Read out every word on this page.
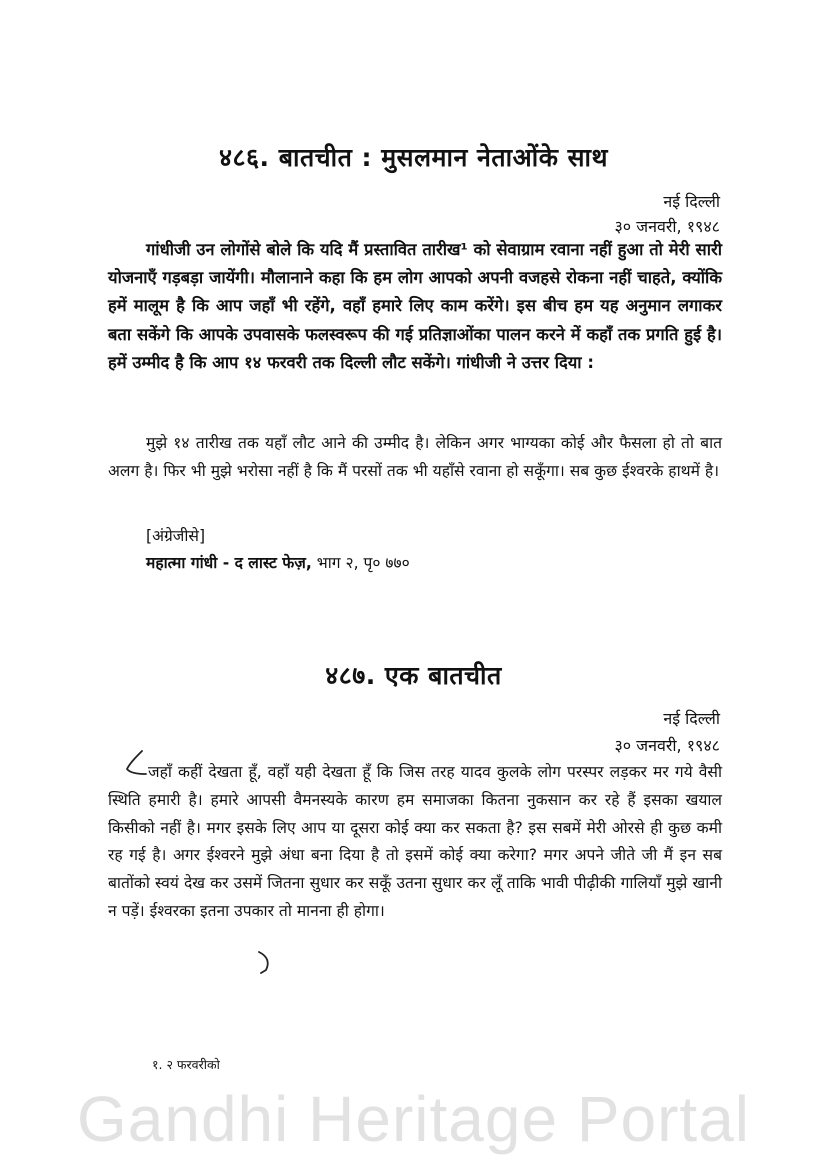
४८६. बातचीत : मुसलमान नेताओंके साथ
नई दिल्ली
३० जनवरी, १९४८

गांधीजी उन लोगोंसे बोले कि यदि मैं प्रस्तावित तारीख¹ को सेवाग्राम रवाना नहीं हुआ तो मेरी सारी योजनाएँ गड़बड़ा जायेंगी। मौलानाने कहा कि हम लोग आपको अपनी वजहसे रोकना नहीं चाहते, क्योंकि हमें मालूम है कि आप जहाँ भी रहेंगे, वहाँ हमारे लिए काम करेंगे। इस बीच हम यह अनुमान लगाकर बता सकेंगे कि आपके उपवासके फलस्वरूप की गई प्रतिज्ञाओंका पालन करने में कहाँ तक प्रगति हुई है। हमें उम्मीद है कि आप १४ फरवरी तक दिल्ली लौट सकेंगे। गांधीजी ने उत्तर दिया :

मुझे १४ तारीख तक यहाँ लौट आने की उम्मीद है। लेकिन अगर भाग्यका कोई और फैसला हो तो बात अलग है। फिर भी मुझे भरोसा नहीं है कि मैं परसों तक भी यहाँसे रवाना हो सकूँगा। सब कुछ ईश्वरके हाथमें है।

[अंग्रेजीसे]
महात्मा गांधी - द लास्ट फेज़, भाग २, पृ० ७७०
४८७. एक बातचीत
नई दिल्ली
३० जनवरी, १९४८

जहाँ कहीं देखता हूँ, वहाँ यही देखता हूँ कि जिस तरह यादव कुलके लोग परस्पर लड़कर मर गये वैसी स्थिति हमारी है। हमारे आपसी वैमनस्यके कारण हम समाजका कितना नुकसान कर रहे हैं इसका खयाल किसीको नहीं है। मगर इसके लिए आप या दूसरा कोई क्या कर सकता है? इस सबमें मेरी ओरसे ही कुछ कमी रह गई है। अगर ईश्वरने मुझे अंधा बना दिया है तो इसमें कोई क्या करेगा? मगर अपने जीते जी मैं इन सब बातोंको स्वयं देख कर उसमें जितना सुधार कर सकूँ उतना सुधार कर लूँ ताकि भावी पीढ़ीकी गालियाँ मुझे खानी न पड़ें। ईश्वरका इतना उपकार तो मानना ही होगा।

१. २ फरवरीको
Gandhi Heritage Portal
